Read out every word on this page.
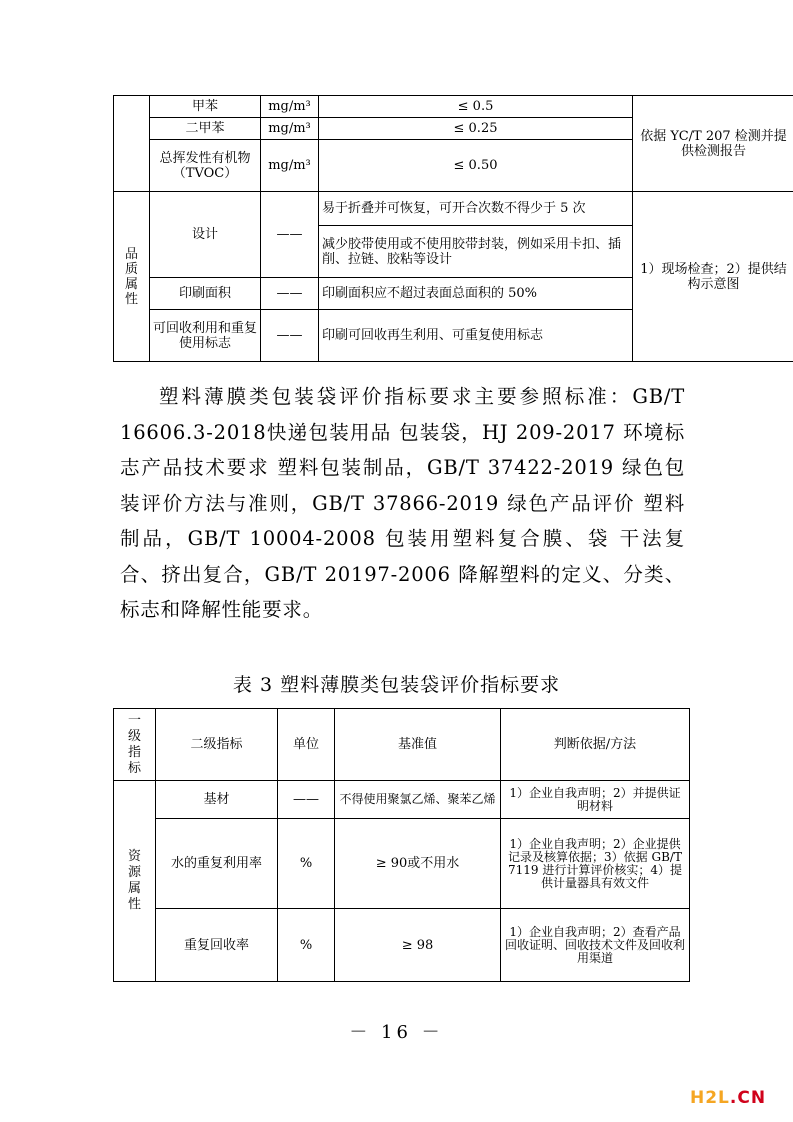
	甲苯	mg/m³	≤ 0.5	依据 YC/T 207 检测并提供检测报告
	二甲苯	mg/m³	≤ 0.25	
	总挥发性有机物（TVOC）	mg/m³	≤ 0.50	
品质属性	设计	——	易于折叠并可恢复，可开合次数不得少于 5 次	1）现场检查；2）提供结构示意图
			减少胶带使用或不使用胶带封装，例如采用卡扣、插削、拉链、胶粘等设计	
	印刷面积	——	印刷面积应不超过表面总面积的 50%	
	可回收利用和重复使用标志	——	印刷可回收再生利用、可重复使用标志	

塑料薄膜类包装袋评价指标要求主要参照标准：GB/T 16606.3-2018快递包装用品 包装袋，HJ 209-2017 环境标志产品技术要求 塑料包装制品，GB/T 37422-2019 绿色包装评价方法与准则，GB/T 37866-2019 绿色产品评价 塑料制品，GB/T 10004-2008 包装用塑料复合膜、袋 干法复合、挤出复合，GB/T 20197-2006 降解塑料的定义、分类、标志和降解性能要求。

表 3 塑料薄膜类包装袋评价指标要求

一级指标	二级指标	单位	基准值	判断依据/方法
资源属性	基材	——	不得使用聚氯乙烯、聚苯乙烯	1）企业自我声明；2）并提供证明材料
	水的重复利用率	%	≥ 90或不用水	1）企业自我声明；2）企业提供记录及核算依据；3）依据 GB/T 7119 进行计算评价核实；4）提供计量器具有效文件
	重复回收率	%	≥ 98	1）企业自我声明；2）查看产品回收证明、回收技术文件及回收利用渠道
－ 16 －
H2L.CN
